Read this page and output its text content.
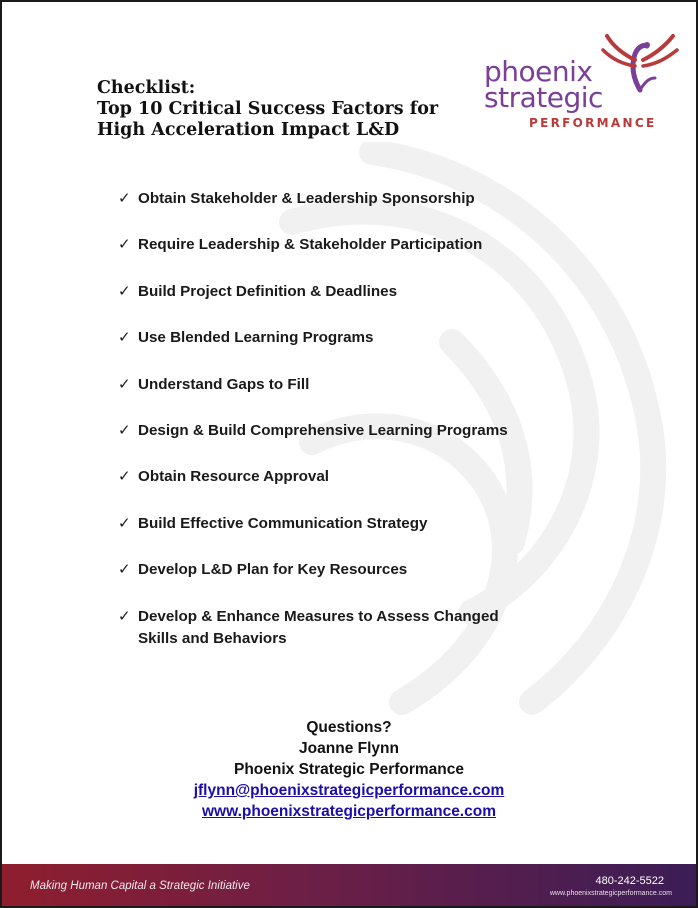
Checklist:
Top 10 Critical Success Factors for
High Acceleration Impact L&D
phoenix
strategic
PERFORMANCE
✓ Obtain Stakeholder & Leadership Sponsorship
✓ Require Leadership & Stakeholder Participation
✓ Build Project Definition & Deadlines
✓ Use Blended Learning Programs
✓ Understand Gaps to Fill
✓ Design & Build Comprehensive Learning Programs
✓ Obtain Resource Approval
✓ Build Effective Communication Strategy
✓ Develop L&D Plan for Key Resources
✓ Develop & Enhance Measures to Assess Changed
Skills and Behaviors
Questions?
Joanne Flynn
Phoenix Strategic Performance
jflynn@phoenixstrategicperformance.com
www.phoenixstrategicperformance.com
Making Human Capital a Strategic Initiative	480-242-5522
www.phoenixstrategicperformance.com
